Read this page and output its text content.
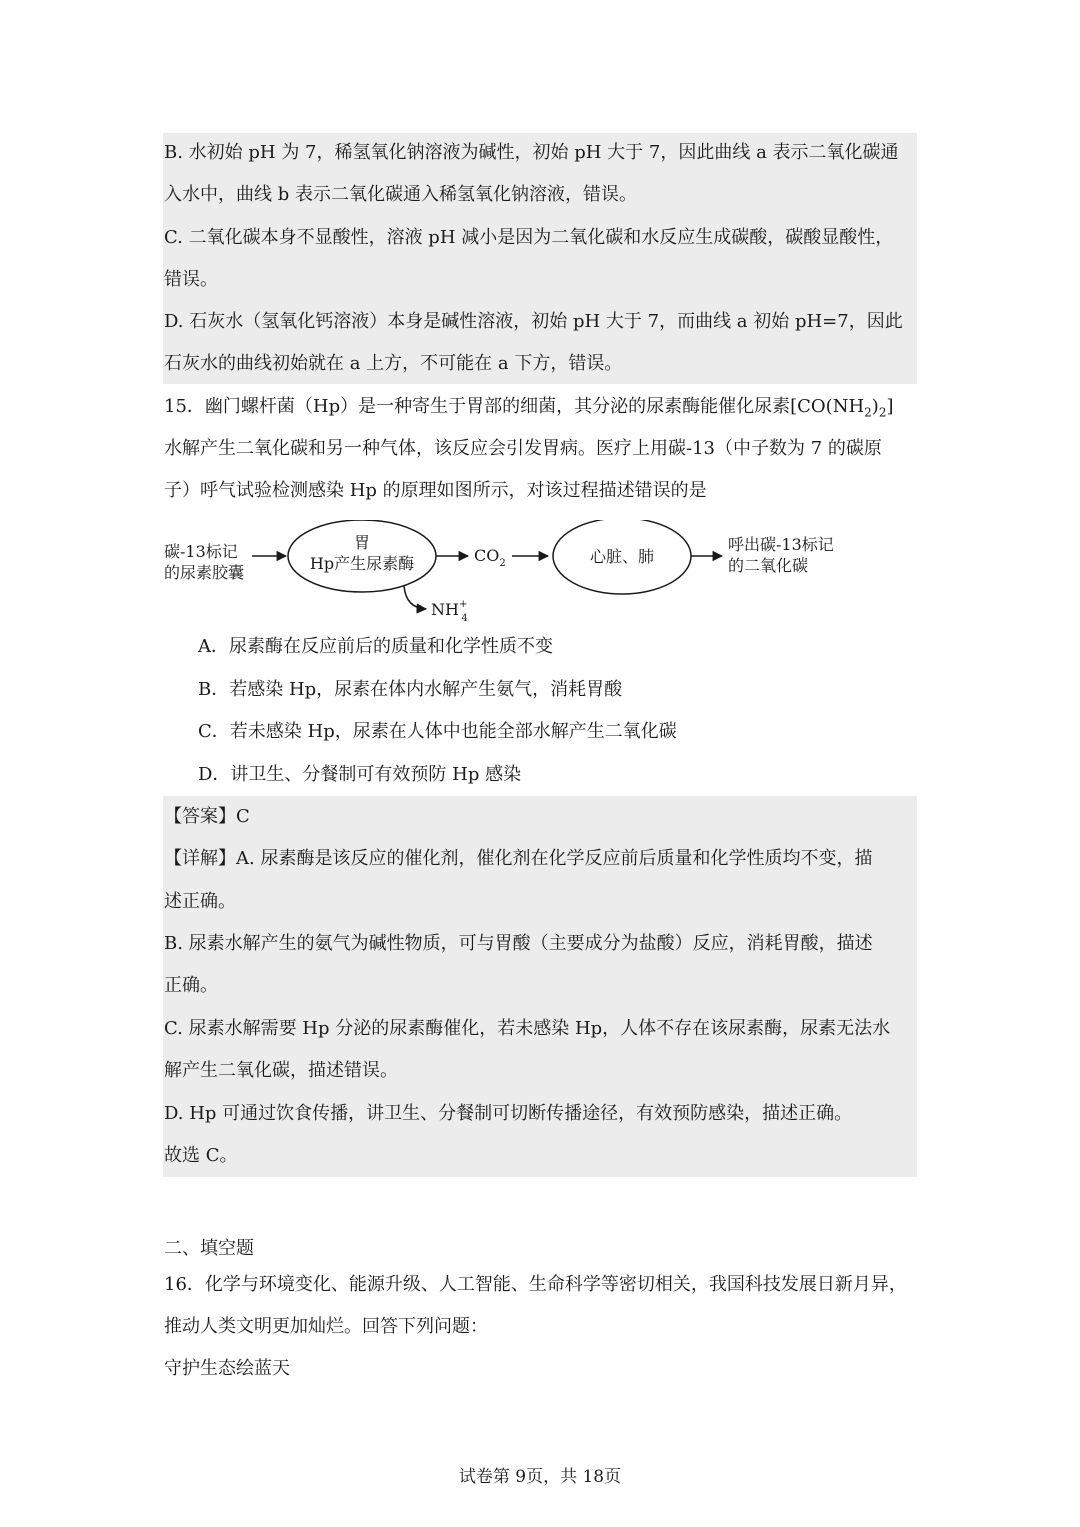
B. 水初始 pH 为 7，稀氢氧化钠溶液为碱性，初始 pH 大于 7，因此曲线 a 表示二氧化碳通
入水中，曲线 b 表示二氧化碳通入稀氢氧化钠溶液，错误。
C. 二氧化碳本身不显酸性，溶液 pH 减小是因为二氧化碳和水反应生成碳酸，碳酸显酸性，
错误。
D. 石灰水（氢氧化钙溶液）本身是碱性溶液，初始 pH 大于 7，而曲线 a 初始 pH=7，因此
石灰水的曲线初始就在 a 上方，不可能在 a 下方，错误。
15．幽门螺杆菌（Hp）是一种寄生于胃部的细菌，其分泌的尿素酶能催化尿素$[CO(NH_2)_2]$
水解产生二氧化碳和另一种气体，该反应会引发胃病。医疗上用碳-13（中子数为 7 的碳原
子）呼气试验检测感染 Hp 的原理如图所示，对该过程描述错误的是
碳-13标记
的尿素胶囊
胃
Hp产生尿素酶	$CO_2$	心脏、肺
呼出碳-13标记
的二氧化碳
NH+ 4
A．尿素酶在反应前后的质量和化学性质不变
B．若感染 Hp，尿素在体内水解产生氨气，消耗胃酸
C．若未感染 Hp，尿素在人体中也能全部水解产生二氧化碳
D．讲卫生、分餐制可有效预防 Hp 感染
【答案】C
【详解】A. 尿素酶是该反应的催化剂，催化剂在化学反应前后质量和化学性质均不变，描
述正确。
B. 尿素水解产生的氨气为碱性物质，可与胃酸（主要成分为盐酸）反应，消耗胃酸，描述
正确。
C. 尿素水解需要 Hp 分泌的尿素酶催化，若未感染 Hp，人体不存在该尿素酶，尿素无法水
解产生二氧化碳，描述错误。
D. Hp 可通过饮食传播，讲卫生、分餐制可切断传播途径，有效预防感染，描述正确。
故选 C。
二、填空题
16．化学与环境变化、能源升级、人工智能、生命科学等密切相关，我国科技发展日新月异，
推动人类文明更加灿烂。回答下列问题：
守护生态绘蓝天
试卷第 9页，共 18页
